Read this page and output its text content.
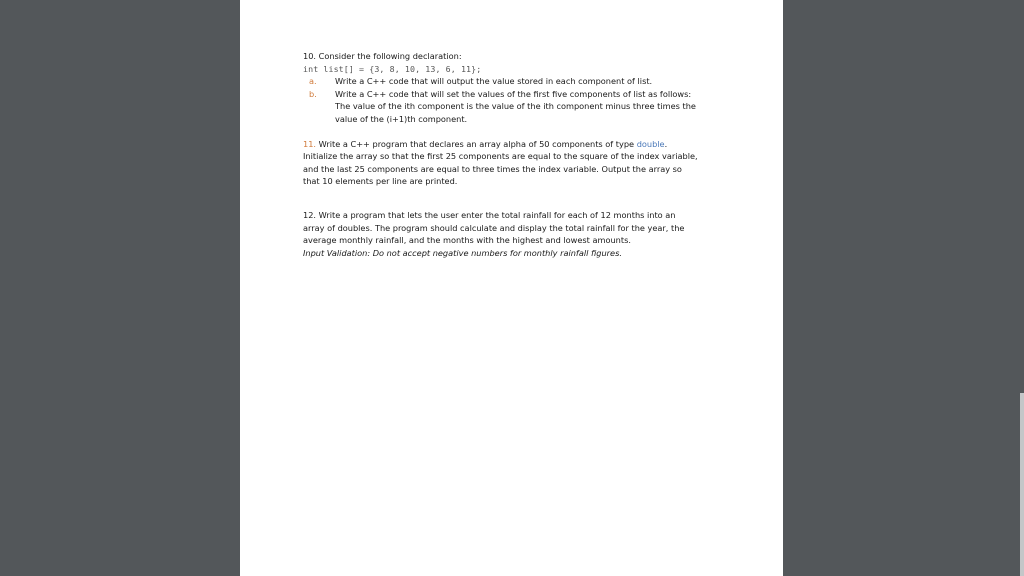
10. Consider the following declaration:
int list[] = {3, 8, 10, 13, 6, 11};
a.	Write a C++ code that will output the value stored in each component of list.
b.	Write a C++ code that will set the values of the first five components of list as follows:
The value of the ith component is the value of the ith component minus three times the
value of the (i+1)th component.
11. Write a C++ program that declares an array alpha of 50 components of type double.
Initialize the array so that the first 25 components are equal to the square of the index variable,
and the last 25 components are equal to three times the index variable. Output the array so
that 10 elements per line are printed.
12. Write a program that lets the user enter the total rainfall for each of 12 months into an
array of doubles. The program should calculate and display the total rainfall for the year, the
average monthly rainfall, and the months with the highest and lowest amounts.
Input Validation: Do not accept negative numbers for monthly rainfall figures.
